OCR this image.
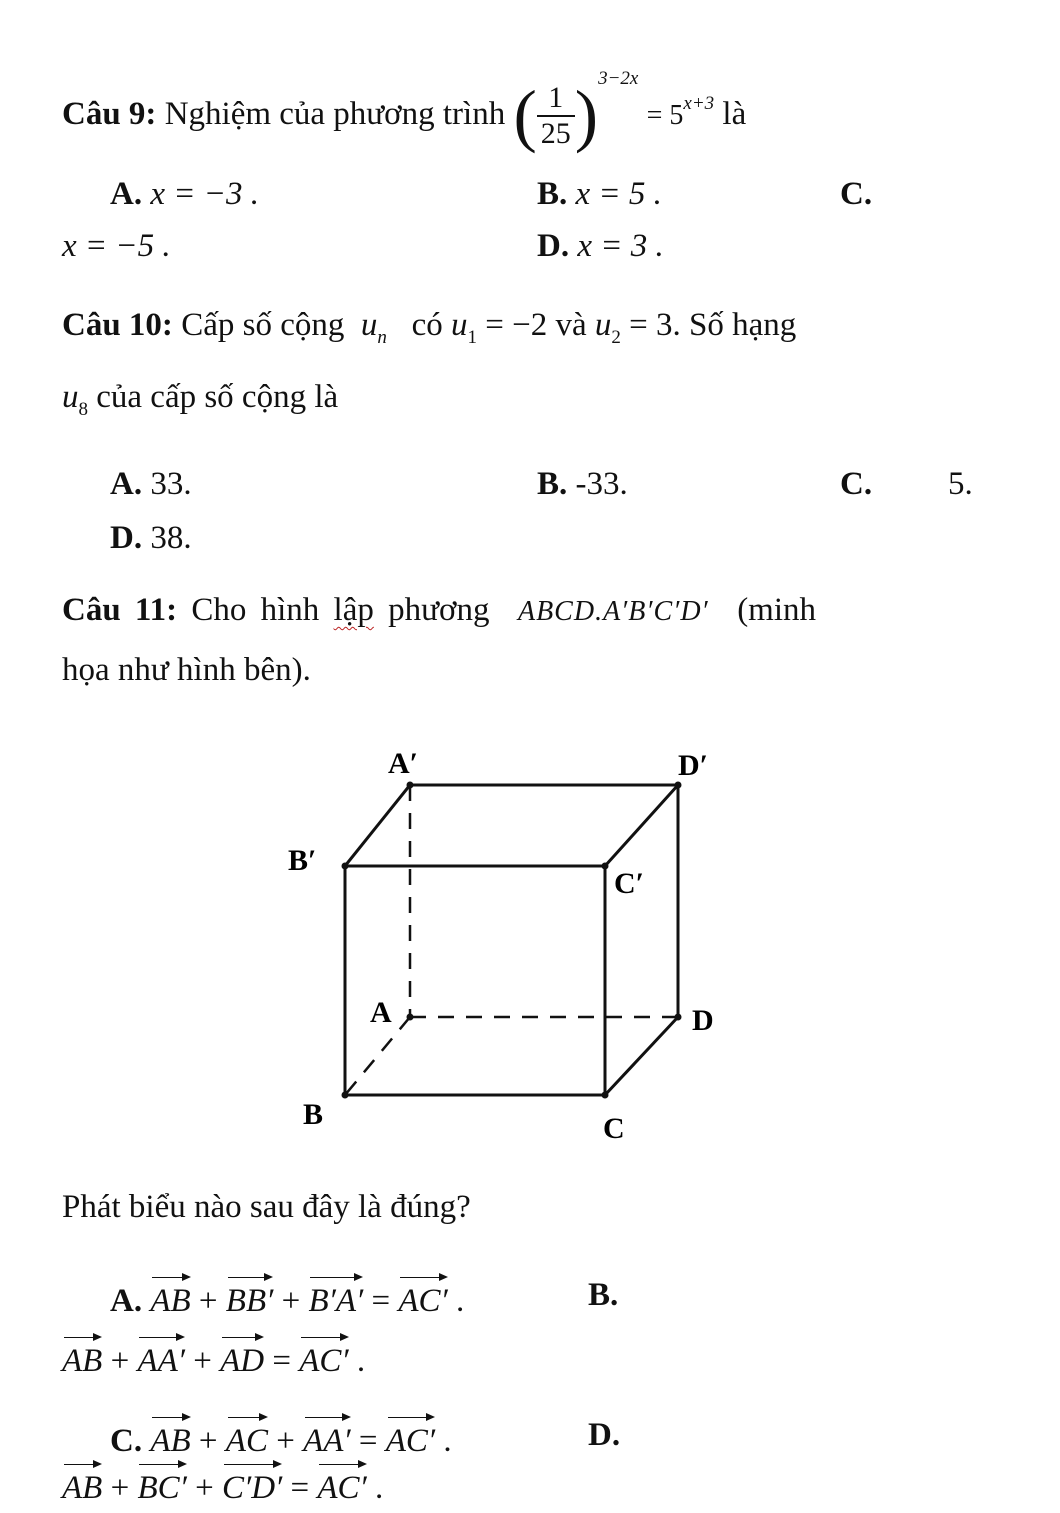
Câu 9: Nghiệm của phương trình ( $\frac{1}{25} )^{3-2x} = 5^{x+3}$ là
A. x = −3 .	B. x = 5 .	C.
x = −5 .	D. x = 3 .
Câu 10: Cấp số cộng $u_n$ có $u_1 = -2$ và $u_2 = 3$. Số hạng
$u_8$ của cấp số cộng là
A. 33.	B. -33.	C. 5.
D. 38.
Câu 11: Cho hình lập phương ABCD.A′B′C′D′ (minh
họa như hình bên).
A′	D′
B′
C′
A	D
B	C
Phát biểu nào sau đây là đúng?
A. AB + BB′ + B′A′ = AC′ .	B.
AB + AA′ + AD = AC′ .
C. AB + AC + AA′ = AC′ .	D.
AB + BC′ + C′D′ = AC′ .
